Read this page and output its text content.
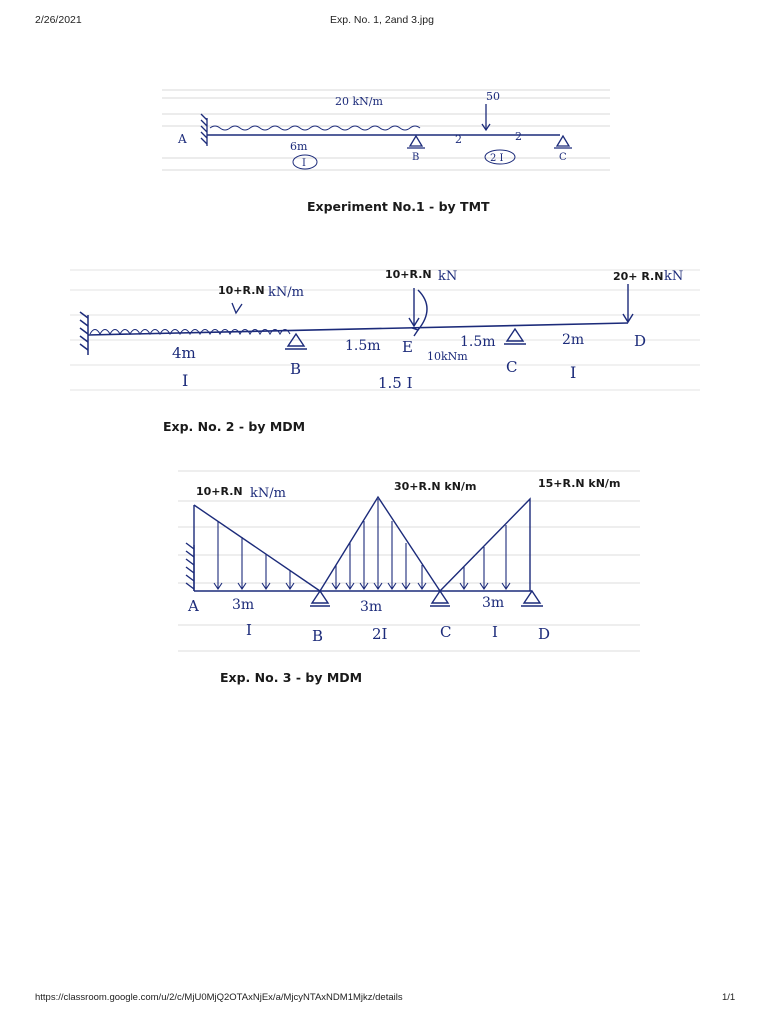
2/26/2021	Exp. No. 1, 2and 3.jpg
A
20 kN/m	50
6m
B
2	2
C
I	2 I
Experiment No.1 - by TMT
10+R.N kN/m
10+R.N kN	20+ R.N kN
4m	1.5m	1.5m	2m
10kNm
B
E
C
D
I	1.5 I
I
Exp. No. 2 - by MDM
10+R.N kN/m	30+R.N kN/m	15+R.N kN/m
A 3m	3m	3m
I	B	2I	C	I	D
Exp. No. 3 - by MDM
https://classroom.google.com/u/2/c/MjU0MjQ2OTAxNjEx/a/MjcyNTAxNDM1Mjkz/details	1/1
